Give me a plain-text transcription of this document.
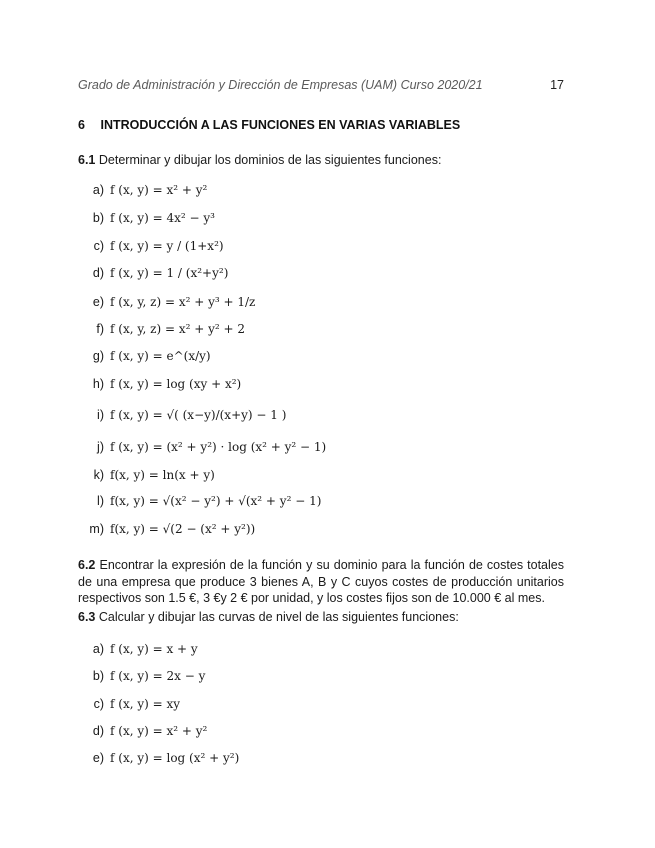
Grado de Administración y Dirección de Empresas (UAM) Curso 2020/21	17
6 INTRODUCCIÓN A LAS FUNCIONES EN VARIAS VARIABLES
6.1 Determinar y dibujar los dominios de las siguientes funciones:
a) f (x, y) = x² + y²
b) f (x, y) = 4x² − y³
c) f (x, y) = y / (1+x²)
d) f (x, y) = 1 / (x²+y²)
e) f (x, y, z) = x² + y³ + 1/z
f) f (x, y, z) = x² + y² + 2
g) f (x, y) = e^(x/y)
h) f (x, y) = log (xy + x²)
i) f (x, y) = √( (x−y)/(x+y) − 1 )
j) f (x, y) = (x² + y²) · log (x² + y² − 1)
k) f(x, y) = ln(x + y)
l) f(x, y) = √(x² − y²) + √(x² + y² − 1)
m) f(x, y) = √(2 − (x² + y²))
6.2 Encontrar la expresión de la función y su dominio para la función de costes totales de una empresa que produce 3 bienes A, B y C cuyos costes de producción unitarios respectivos son 1.5 €, 3 €y 2 € por unidad, y los costes fijos son de 10.000 € al mes.
6.3 Calcular y dibujar las curvas de nivel de las siguientes funciones:
a) f (x, y) = x + y
b) f (x, y) = 2x − y
c) f (x, y) = xy
d) f (x, y) = x² + y²
e) f (x, y) = log (x² + y²)
